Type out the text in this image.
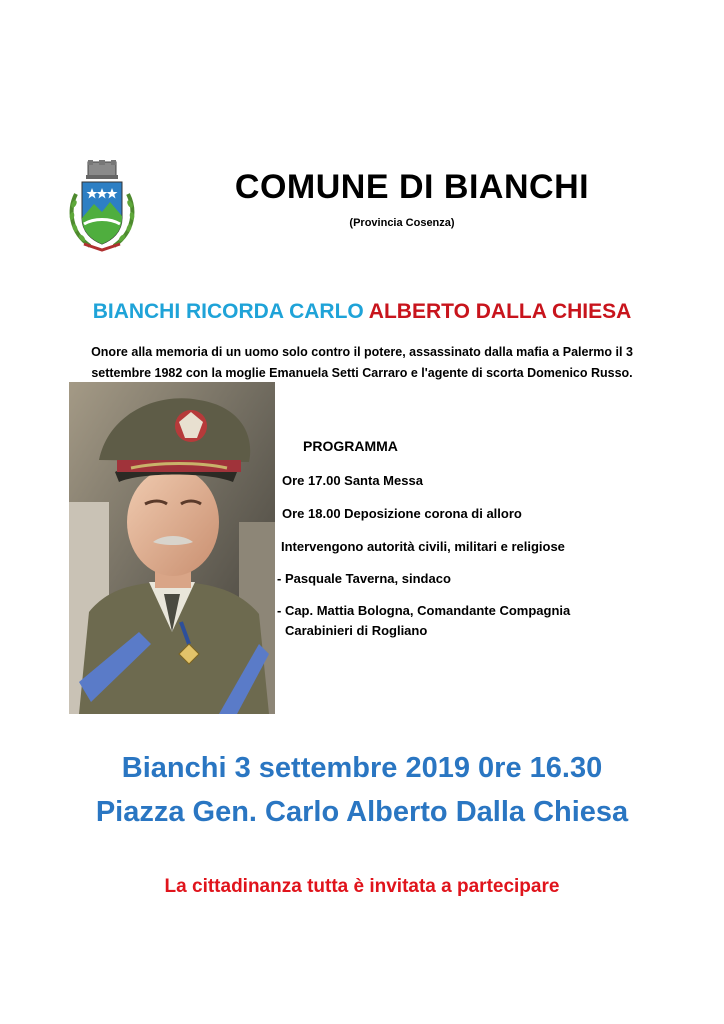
COMUNE DI BIANCHI
(Provincia Cosenza)
BIANCHI RICORDA CARLO ALBERTO DALLA CHIESA
Onore alla memoria di un uomo solo contro il potere, assassinato dalla mafia a Palermo il 3
settembre 1982 con la moglie Emanuela Setti Carraro e l'agente di scorta Domenico Russo.
PROGRAMMA
Ore 17.00 Santa Messa
Ore 18.00 Deposizione corona di alloro
Intervengono autorità civili, militari e religiose
- Pasquale Taverna, sindaco
- Cap. Mattia Bologna, Comandante Compagnia
Carabinieri di Rogliano
Bianchi 3 settembre 2019 0re 16.30
Piazza Gen. Carlo Alberto Dalla Chiesa
La cittadinanza tutta è invitata a partecipare
